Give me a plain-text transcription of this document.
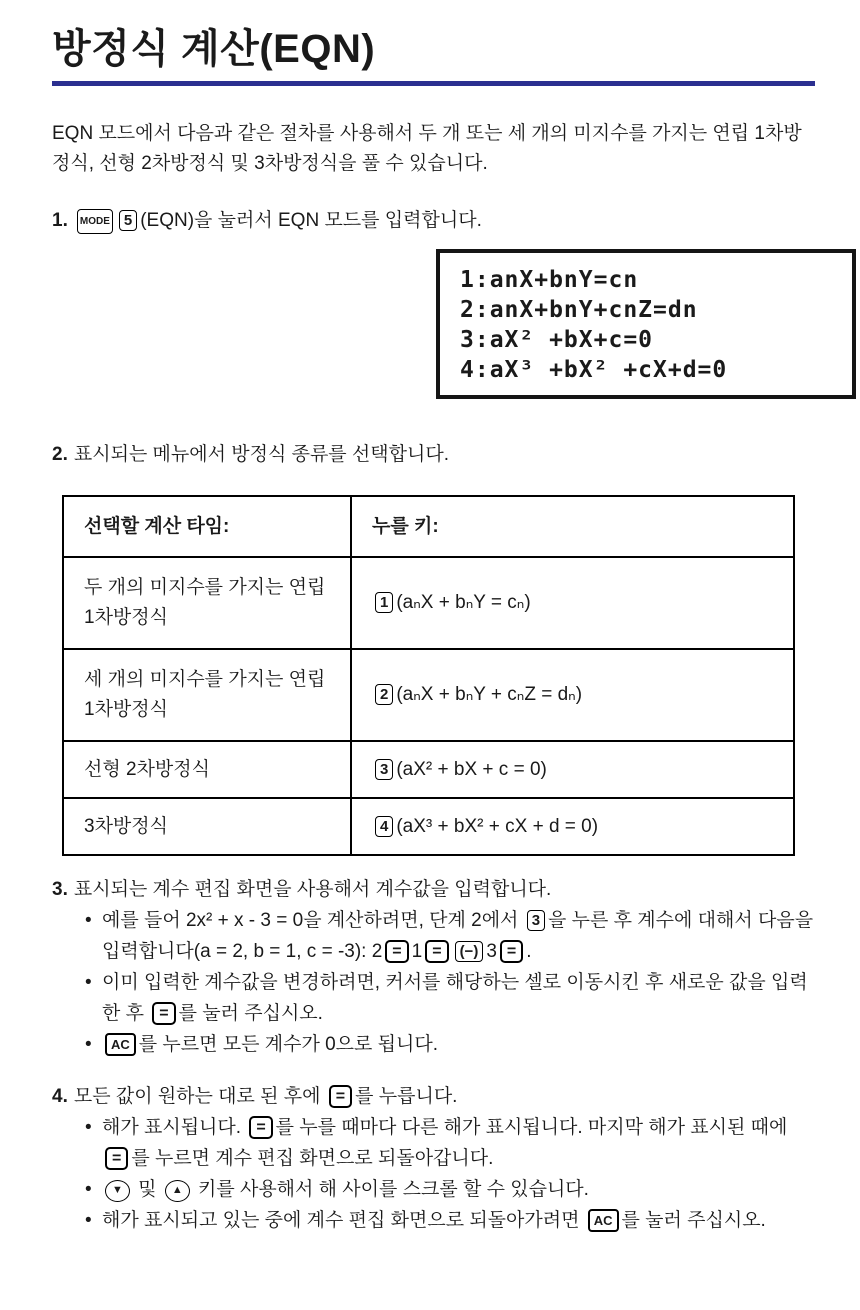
방정식 계산(EQN)

EQN 모드에서 다음과 같은 절차를 사용해서 두 개 또는 세 개의 미지수를 가지는 연립 1차방정식, 선형 2차방정식 및 3차방정식을 풀 수 있습니다.

1. MODE 5 (EQN)을 눌러서 EQN 모드를 입력합니다.
1:anX+bnY=cn
2:anX+bnY+cnZ=dn
3:aX² +bX+c=0
4:aX³ +bX² +cX+d=0
2. 표시되는 메뉴에서 방정식 종류를 선택합니다.
선택할 계산 타임:	누를 키:
두 개의 미지수를 가지는 연립 1차방정식	1 (aₙX + bₙY = cₙ)
세 개의 미지수를 가지는 연립 1차방정식	2 (aₙX + bₙY + cₙZ = dₙ)
선형 2차방정식	3 (aX² + bX + c = 0)
3차방정식	4 (aX³ + bX² + cX + d = 0)
3. 표시되는 계수 편집 화면을 사용해서 계수값을 입력합니다.
• 예를 들어 2x² + x - 3 = 0을 계산하려면, 단계 2에서 3 을 누른 후 계수에 대해서 다음을 입력합니다(a = 2, b = 1, c = -3): 2 = 1 = (−) 3 = .
• 이미 입력한 계수값을 변경하려면, 커서를 해당하는 셀로 이동시킨 후 새로운 값을 입력한 후 = 를 눌러 주십시오.
• AC 를 누르면 모든 계수가 0으로 됩니다.
4. 모든 값이 원하는 대로 된 후에 = 를 누릅니다.
• 해가 표시됩니다. = 를 누를 때마다 다른 해가 표시됩니다. 마지막 해가 표시된 때에 = 를 누르면 계수 편집 화면으로 되돌아갑니다.
• ▼ 및 ▲ 키를 사용해서 해 사이를 스크롤 할 수 있습니다.
• 해가 표시되고 있는 중에 계수 편집 화면으로 되돌아가려면 AC 를 눌러 주십시오.
